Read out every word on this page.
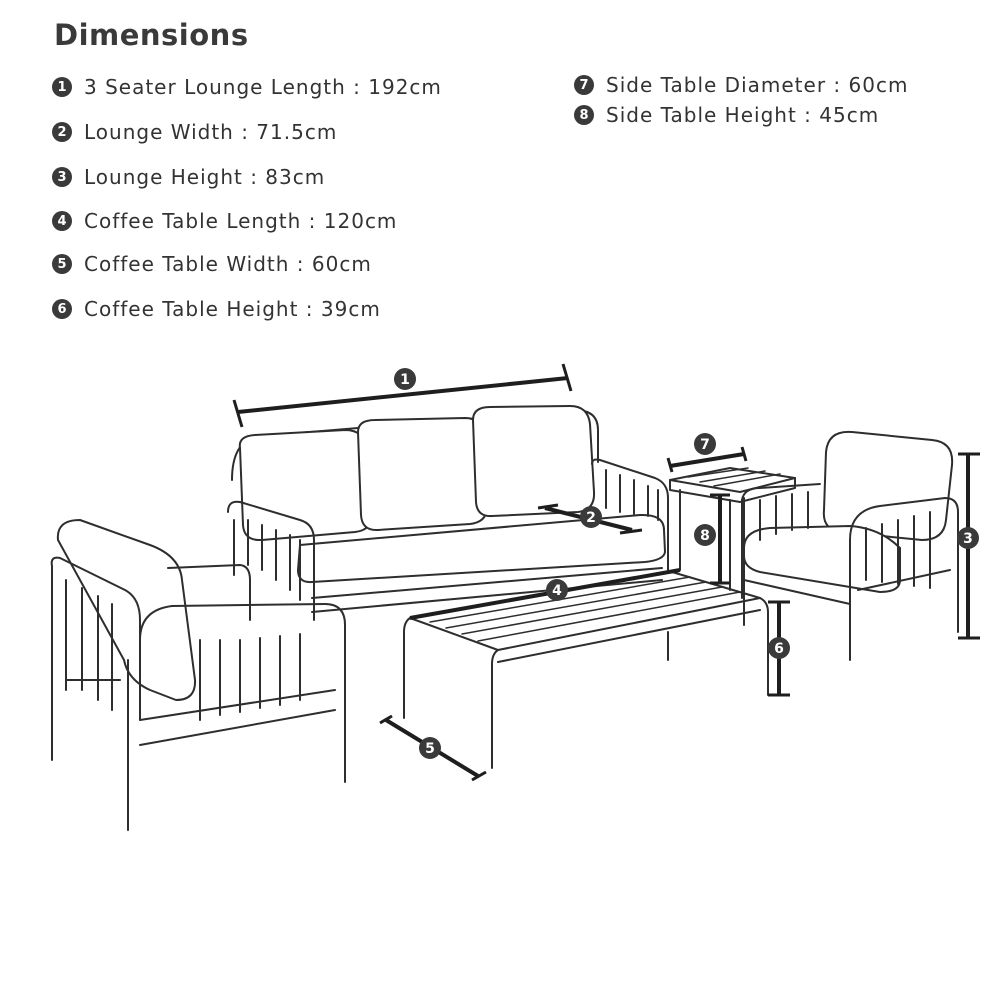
Dimensions
1 3 Seater Lounge Length : 192cm
2 Lounge Width : 71.5cm
3 Lounge Height : 83cm
4 Coffee Table Length : 120cm
5 Coffee Table Width : 60cm
6 Coffee Table Height : 39cm
7 Side Table Diameter : 60cm
8 Side Table Height : 45cm
1
2
3
4
5
6
7
8
